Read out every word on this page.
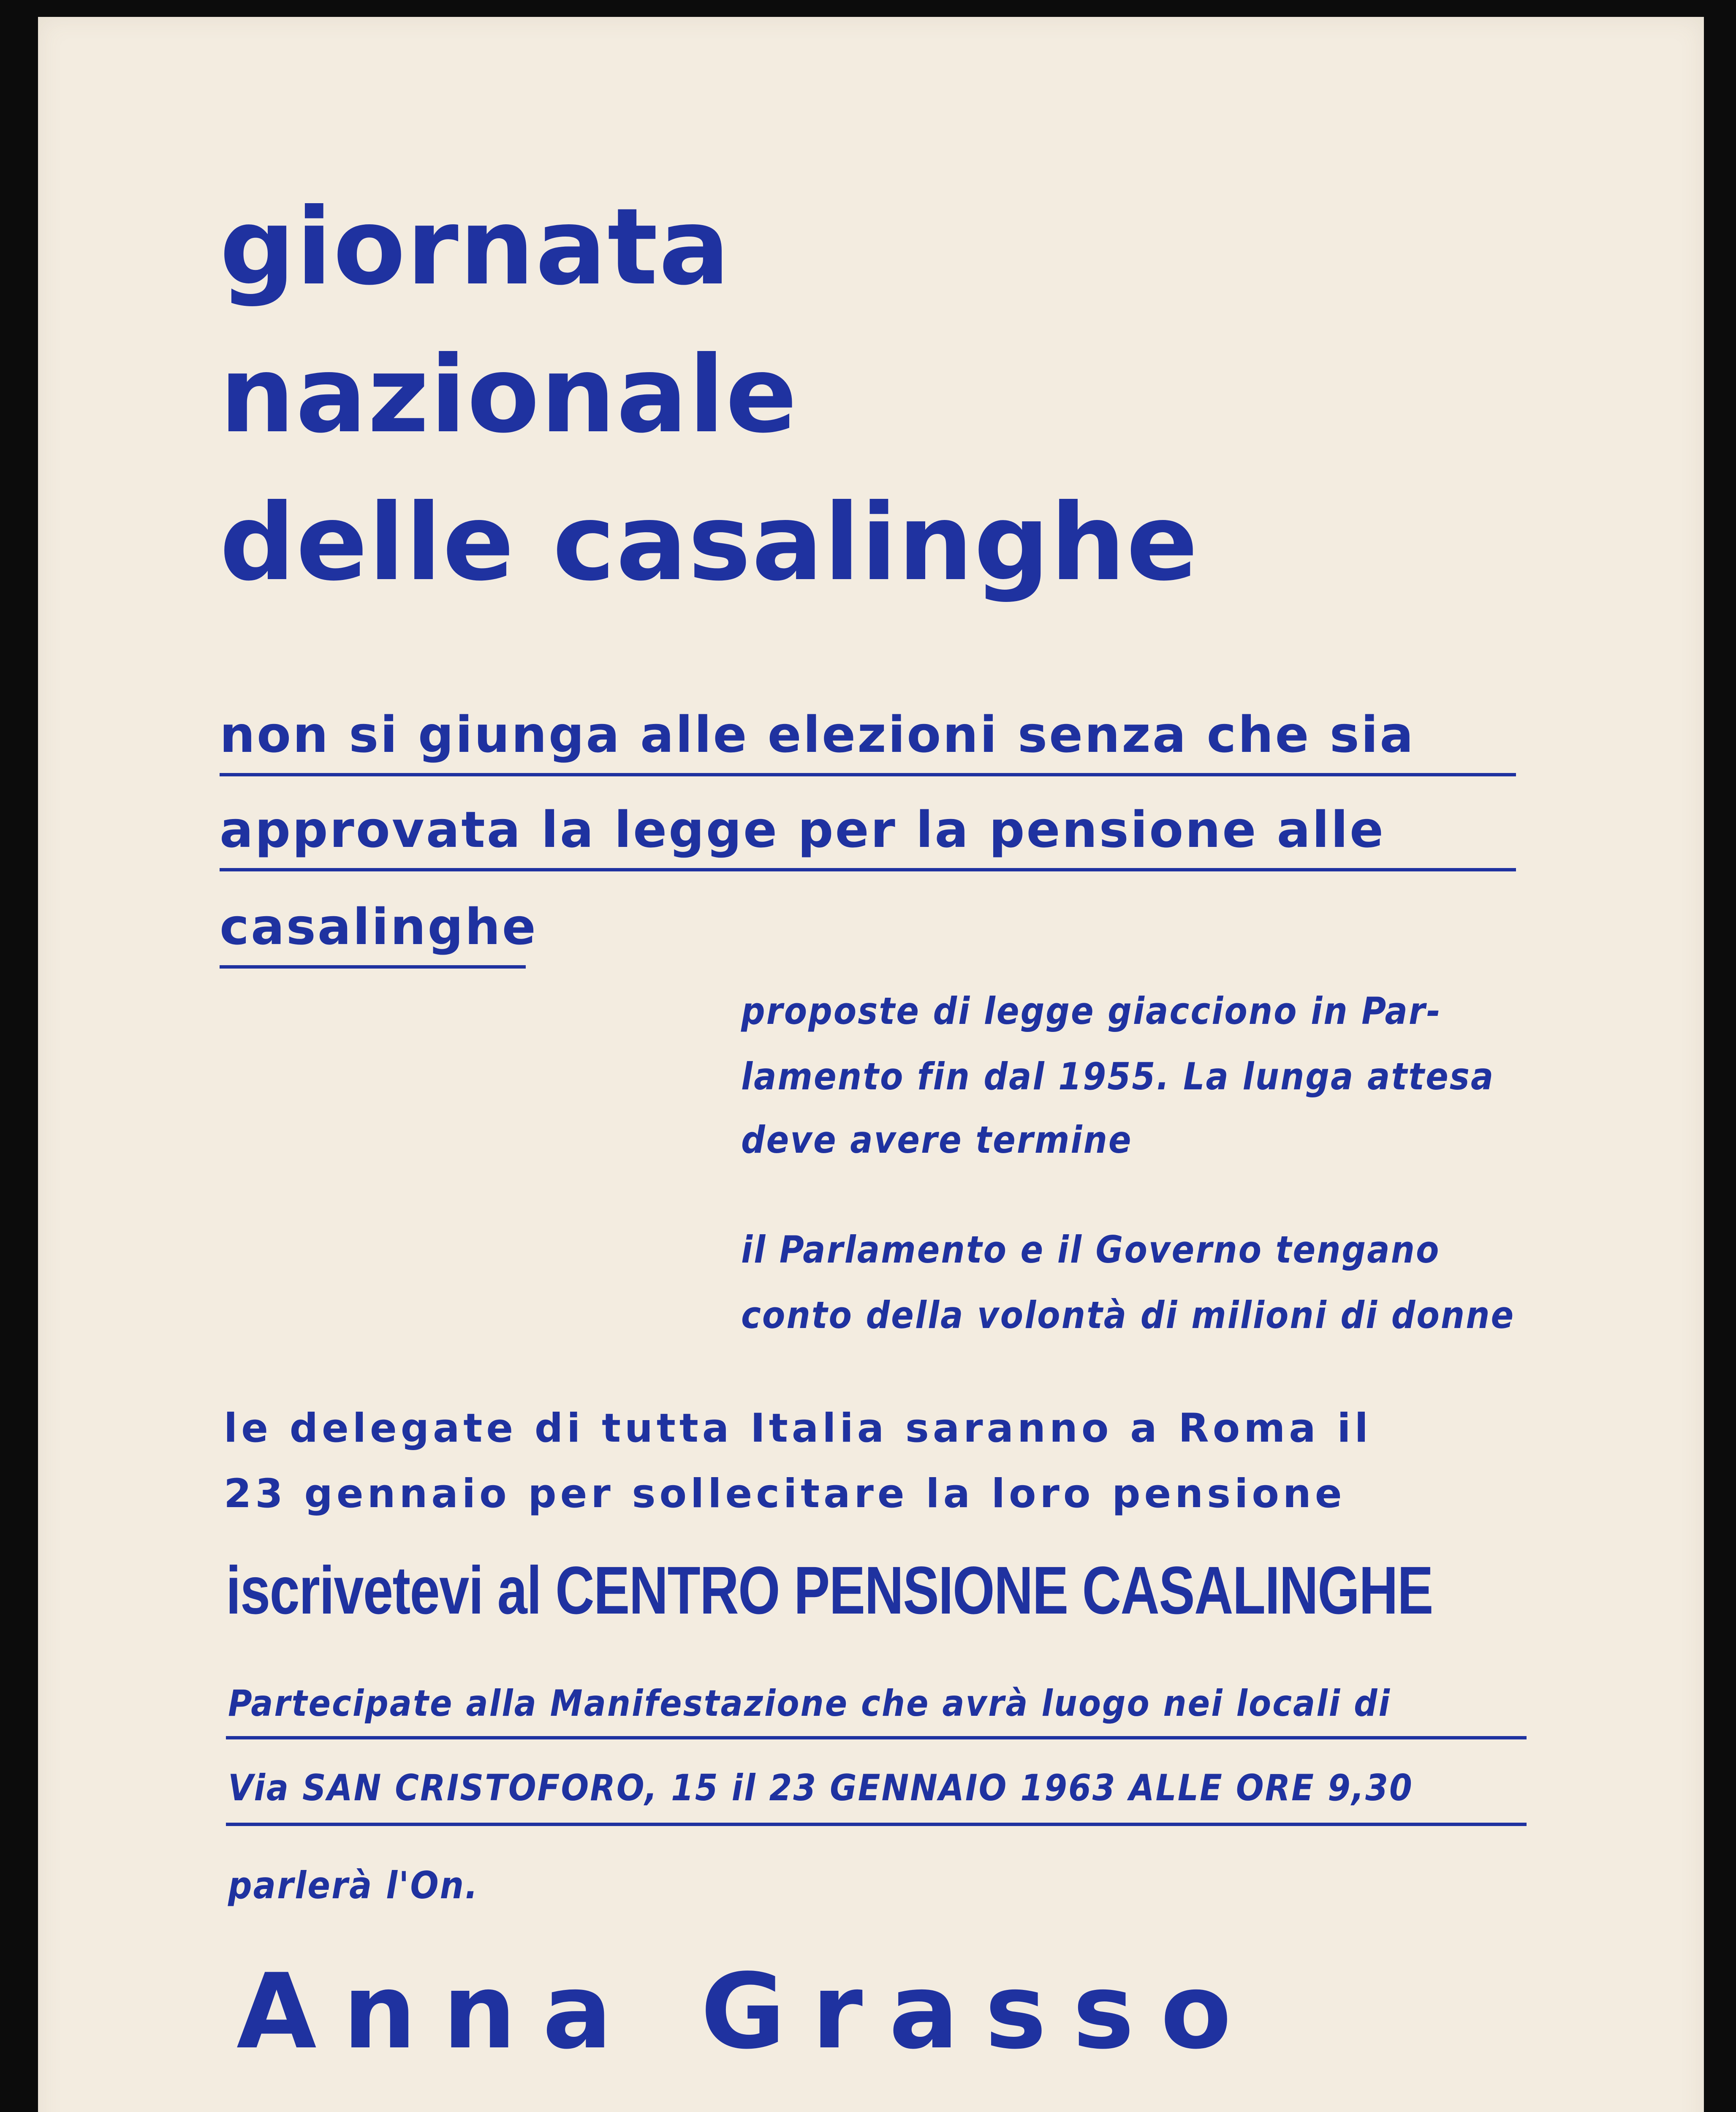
giornata
nazionale
delle casalinghe
non si giunga alle elezioni senza che sia
approvata la legge per la pensione alle
casalinghe
proposte di legge giacciono in Par-
lamento fin dal 1955. La lunga attesa
deve avere termine
il Parlamento e il Governo tengano
conto della volontà di milioni di donne
le delegate di tutta Italia saranno a Roma il
23 gennaio per sollecitare la loro pensione
iscrivetevi al CENTRO PENSIONE CASALINGHE
Partecipate alla Manifestazione che avrà luogo nei locali di
Via SAN CRISTOFORO, 15 il 23 GENNAIO 1963 ALLE ORE 9,30
parlerà l'On.
Anna Grasso
